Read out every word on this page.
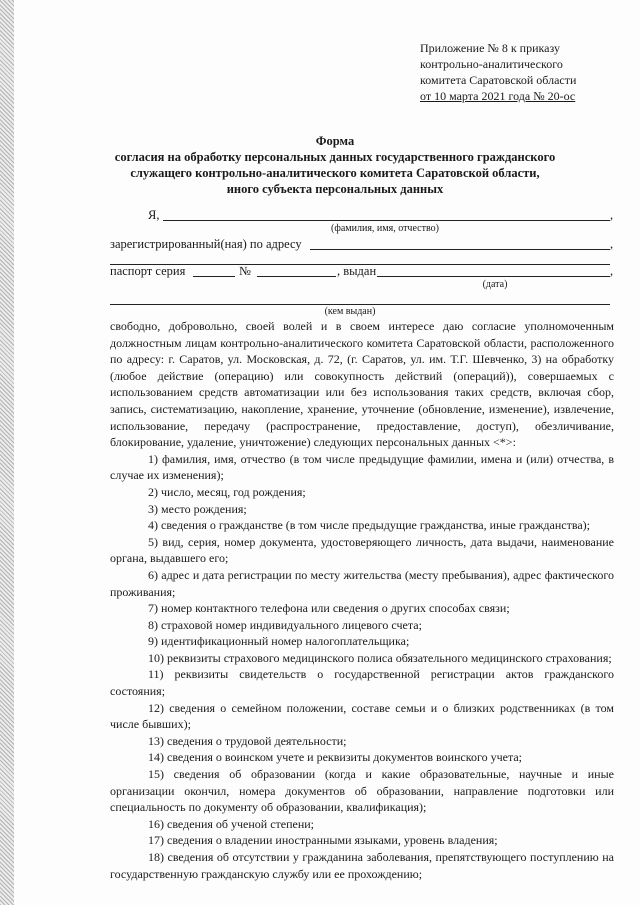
Приложение № 8 к приказу
контрольно-аналитического
комитета Саратовской области
от 10 марта 2021 года № 20-ос
Форма
согласия на обработку персональных данных государственного гражданского
служащего контрольно-аналитического комитета Саратовской области,
иного субъекта персональных данных
Я,	,
(фамилия, имя, отчество)
зарегистрированный(ная) по адресу	,
паспорт серия	№	, выдан	,
(дата)
(кем выдан)

свободно, добровольно, своей волей и в своем интересе даю согласие уполномоченным должностным лицам контрольно-аналитического комитета Саратовской области, расположенного по адресу: г. Саратов, ул. Московская, д. 72, (г. Саратов, ул. им. Т.Г. Шевченко, 3) на обработку (любое действие (операцию) или совокупность действий (операций)), совершаемых с использованием средств автоматизации или без использования таких средств, включая сбор, запись, систематизацию, накопление, хранение, уточнение (обновление, изменение), извлечение, использование, передачу (распространение, предоставление, доступ), обезличивание, блокирование, удаление, уничтожение) следующих персональных данных <*>:

1) фамилия, имя, отчество (в том числе предыдущие фамилии, имена и (или) отчества, в случае их изменения);

2) число, месяц, год рождения;

3) место рождения;

4) сведения о гражданстве (в том числе предыдущие гражданства, иные гражданства);

5) вид, серия, номер документа, удостоверяющего личность, дата выдачи, наименование органа, выдавшего его;

6) адрес и дата регистрации по месту жительства (месту пребывания), адрес фактического проживания;

7) номер контактного телефона или сведения о других способах связи;

8) страховой номер индивидуального лицевого счета;

9) идентификационный номер налогоплательщика;

10) реквизиты страхового медицинского полиса обязательного медицинского страхования;

11) реквизиты свидетельств о государственной регистрации актов гражданского состояния;

12) сведения о семейном положении, составе семьи и о близких родственниках (в том числе бывших);

13) сведения о трудовой деятельности;

14) сведения о воинском учете и реквизиты документов воинского учета;

15) сведения об образовании (когда и какие образовательные, научные и иные организации окончил, номера документов об образовании, направление подготовки или специальность по документу об образовании, квалификация);

16) сведения об ученой степени;

17) сведения о владении иностранными языками, уровень владения;

18) сведения об отсутствии у гражданина заболевания, препятствующего поступлению на государственную гражданскую службу или ее прохождению;
